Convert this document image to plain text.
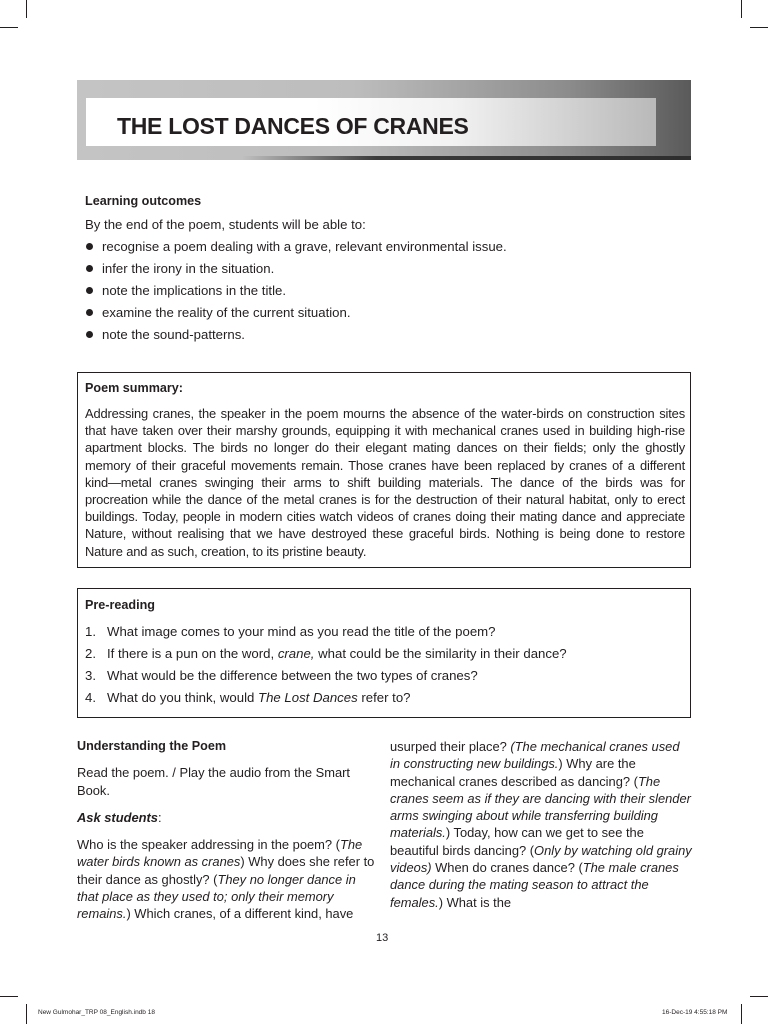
THE LOST DANCES OF CRANES
Learning outcomes
By the end of the poem, students will be able to:
recognise a poem dealing with a grave, relevant environmental issue.
infer the irony in the situation.
note the implications in the title.
examine the reality of the current situation.
note the sound-patterns.
Poem summary:
Addressing cranes, the speaker in the poem mourns the absence of the water-birds on construction sites that have taken over their marshy grounds, equipping it with mechanical cranes used in building high-rise apartment blocks. The birds no longer do their elegant mating dances on their fields; only the ghostly memory of their graceful movements remain. Those cranes have been replaced by cranes of a different kind—metal cranes swinging their arms to shift building materials. The dance of the birds was for procreation while the dance of the metal cranes is for the destruction of their natural habitat, only to erect buildings. Today, people in modern cities watch videos of cranes doing their mating dance and appreciate Nature, without realising that we have destroyed these graceful birds. Nothing is being done to restore Nature and as such, creation, to its pristine beauty.
Pre-reading
1. What image comes to your mind as you read the title of the poem?
2. If there is a pun on the word, crane, what could be the similarity in their dance?
3. What would be the difference between the two types of cranes?
4. What do you think, would The Lost Dances refer to?
Understanding the Poem

Read the poem. / Play the audio from the Smart Book.

Ask students:

Who is the speaker addressing in the poem? (The water birds known as cranes) Why does she refer to their dance as ghostly? (They no longer dance in that place as they used to; only their memory remains.) Which cranes, of a different kind, have

usurped their place? (The mechanical cranes used in constructing new buildings.) Why are the mechanical cranes described as dancing? (The cranes seem as if they are dancing with their slender arms swinging about while transferring building materials.) Today, how can we get to see the beautiful birds dancing? (Only by watching old grainy videos) When do cranes dance? (The male cranes dance during the mating season to attract the females.) What is the

13
New Gulmohar_TRP 08_English.indb 18	16-Dec-19 4:55:18 PM
